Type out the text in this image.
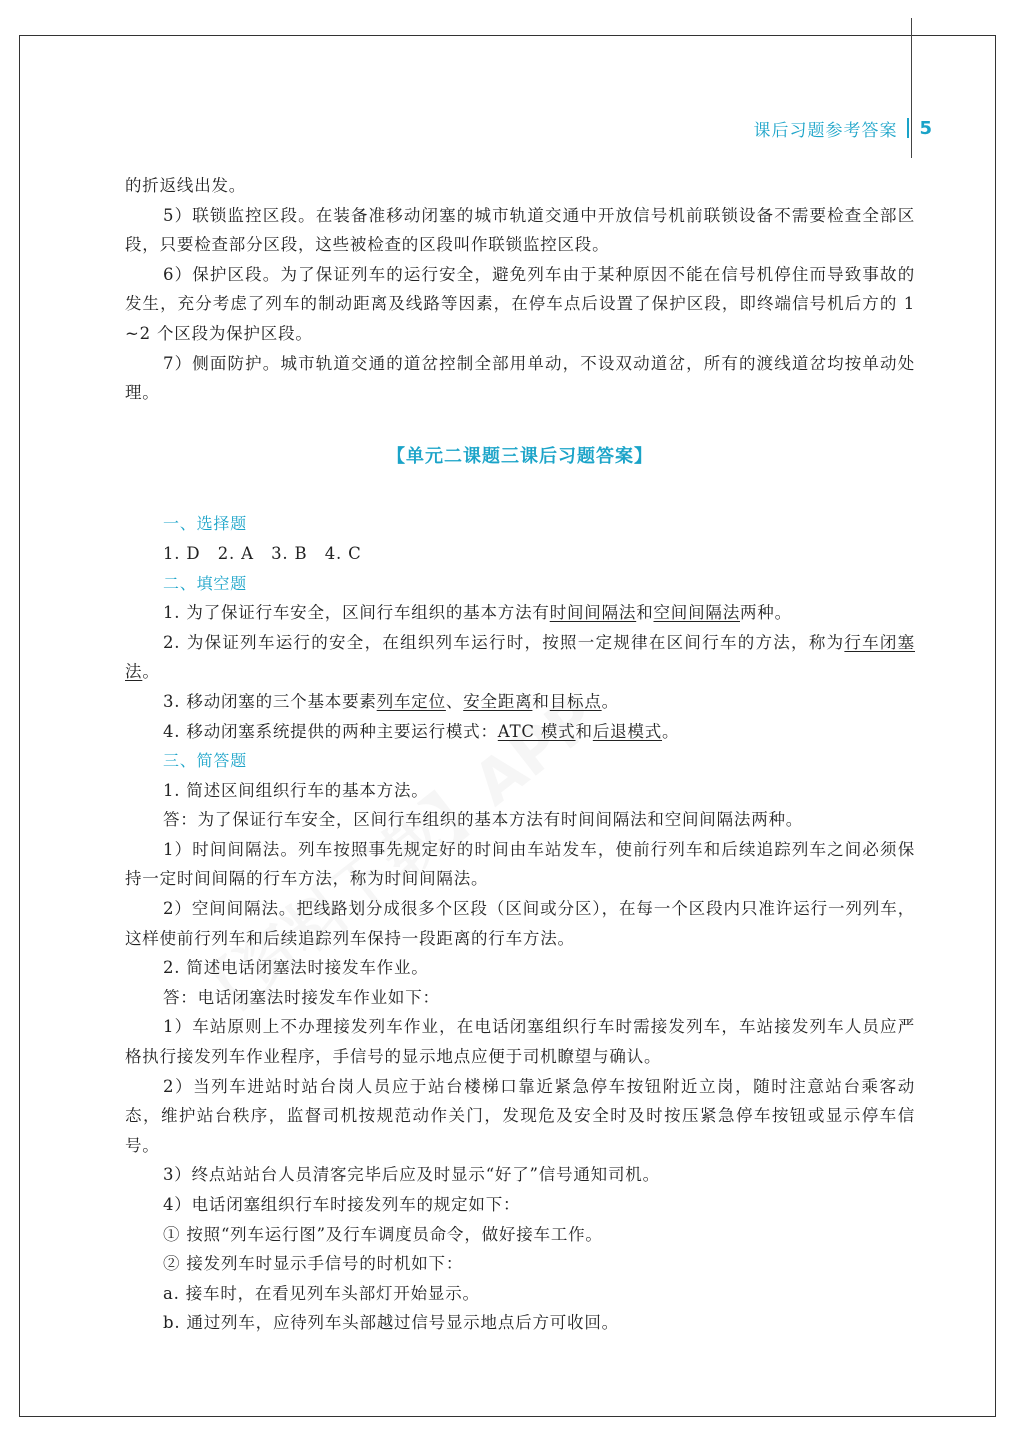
课后习题参考答案 5

的折返线出发。

5）联锁监控区段。在装备准移动闭塞的城市轨道交通中开放信号机前联锁设备不需要检查全部区段，只要检查部分区段，这些被检查的区段叫作联锁监控区段。

6）保护区段。为了保证列车的运行安全，避免列车由于某种原因不能在信号机停住而导致事故的发生，充分考虑了列车的制动距离及线路等因素，在停车点后设置了保护区段，即终端信号机后方的 1 ~2 个区段为保护区段。

7）侧面防护。城市轨道交通的道岔控制全部用单动，不设双动道岔，所有的渡线道岔均按单动处理。

【单元二课题三课后习题答案】

一、选择题

1. D　2. A　3. B　4. C

二、填空题

1. 为了保证行车安全，区间行车组织的基本方法有时间间隔法和空间间隔法两种。

2. 为保证列车运行的安全，在组织列车运行时，按照一定规律在区间行车的方法，称为行车闭塞法。

3. 移动闭塞的三个基本要素列车定位、安全距离和目标点。

4. 移动闭塞系统提供的两种主要运行模式：ATC 模式和后退模式。

三、简答题

1. 简述区间组织行车的基本方法。

答：为了保证行车安全，区间行车组织的基本方法有时间间隔法和空间间隔法两种。

1）时间间隔法。列车按照事先规定好的时间由车站发车，使前行列车和后续追踪列车之间必须保持一定时间间隔的行车方法，称为时间间隔法。

2）空间间隔法。把线路划分成很多个区段（区间或分区），在每一个区段内只准许运行一列列车，这样使前行列车和后续追踪列车保持一段距离的行车方法。

2. 简述电话闭塞法时接发车作业。

答：电话闭塞法时接发车作业如下：

1）车站原则上不办理接发列车作业，在电话闭塞组织行车时需接发列车，车站接发列车人员应严格执行接发列车作业程序，手信号的显示地点应便于司机瞭望与确认。

2）当列车进站时站台岗人员应于站台楼梯口靠近紧急停车按钮附近立岗，随时注意站台乘客动态，维护站台秩序，监督司机按规范动作关门，发现危及安全时及时按压紧急停车按钮或显示停车信号。

3）终点站站台人员清客完毕后应及时显示“好了”信号通知司机。

4）电话闭塞组织行车时接发列车的规定如下：

① 按照“列车运行图”及行车调度员命令，做好接车工作。

② 接发列车时显示手信号的时机如下：

a. 接车时，在看见列车头部灯开始显示。

b. 通过列车，应待列车头部越过信号显示地点后方可收回。
